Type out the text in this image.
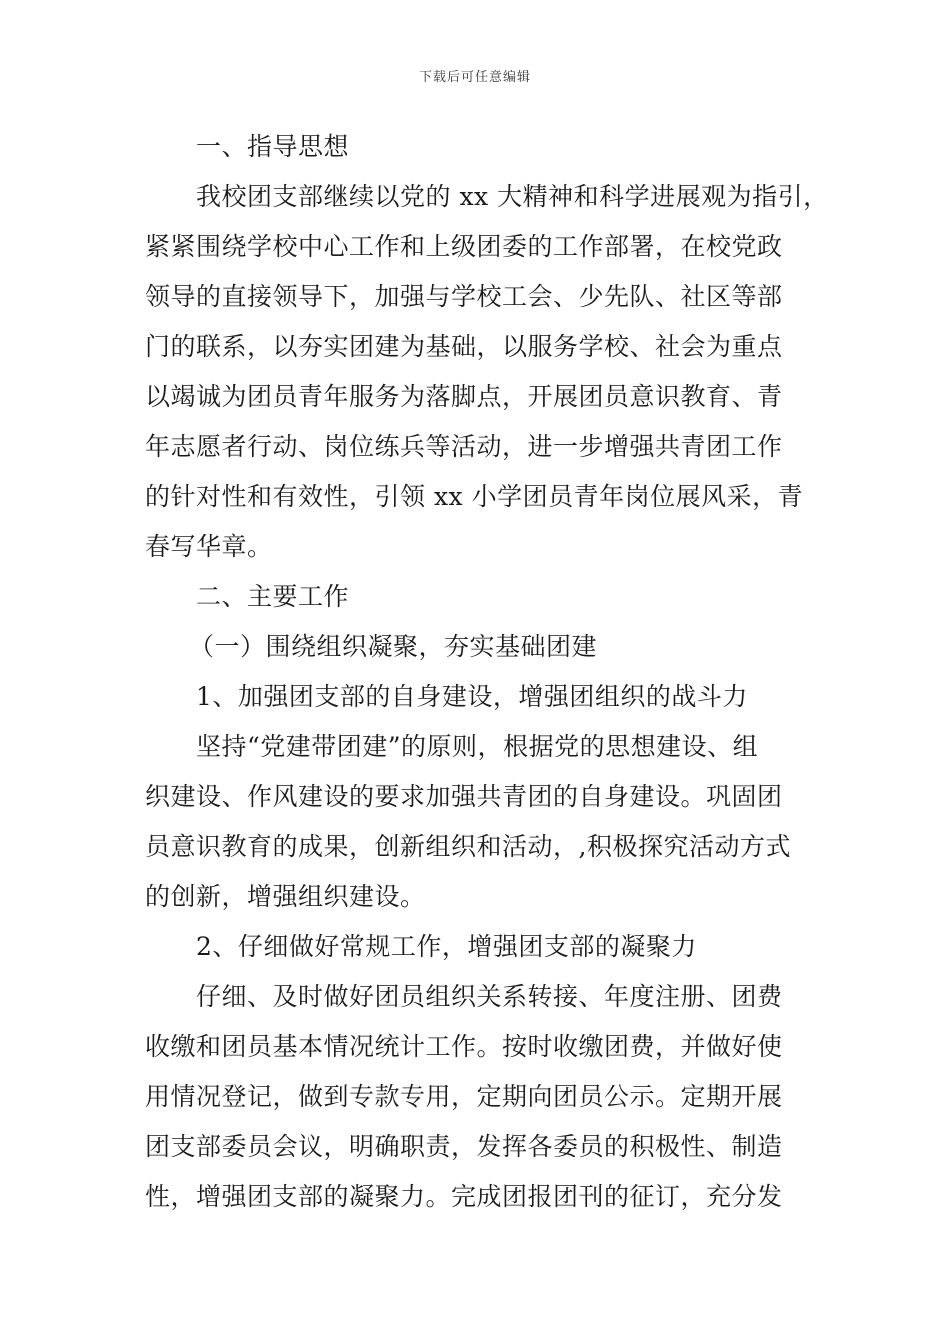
下载后可任意编辑
一、指导思想
我校团支部继续以党的 xx 大精神和科学进展观为指引，
紧紧围绕学校中心工作和上级团委的工作部署，在校党政
领导的直接领导下，加强与学校工会、少先队、社区等部
门的联系，以夯实团建为基础，以服务学校、社会为重点
以竭诚为团员青年服务为落脚点，开展团员意识教育、青
年志愿者行动、岗位练兵等活动，进一步增强共青团工作
的针对性和有效性，引领 xx 小学团员青年岗位展风采，青
春写华章。
二、主要工作
（一）围绕组织凝聚，夯实基础团建
1、加强团支部的自身建设，增强团组织的战斗力
坚持“党建带团建”的原则，根据党的思想建设、组
织建设、作风建设的要求加强共青团的自身建设。巩固团
员意识教育的成果，创新组织和活动，,积极探究活动方式
的创新，增强组织建设。
2、仔细做好常规工作，增强团支部的凝聚力
仔细、及时做好团员组织关系转接、年度注册、团费
收缴和团员基本情况统计工作。按时收缴团费，并做好使
用情况登记，做到专款专用，定期向团员公示。定期开展
团支部委员会议，明确职责，发挥各委员的积极性、制造
性，增强团支部的凝聚力。完成团报团刊的征订，充分发
